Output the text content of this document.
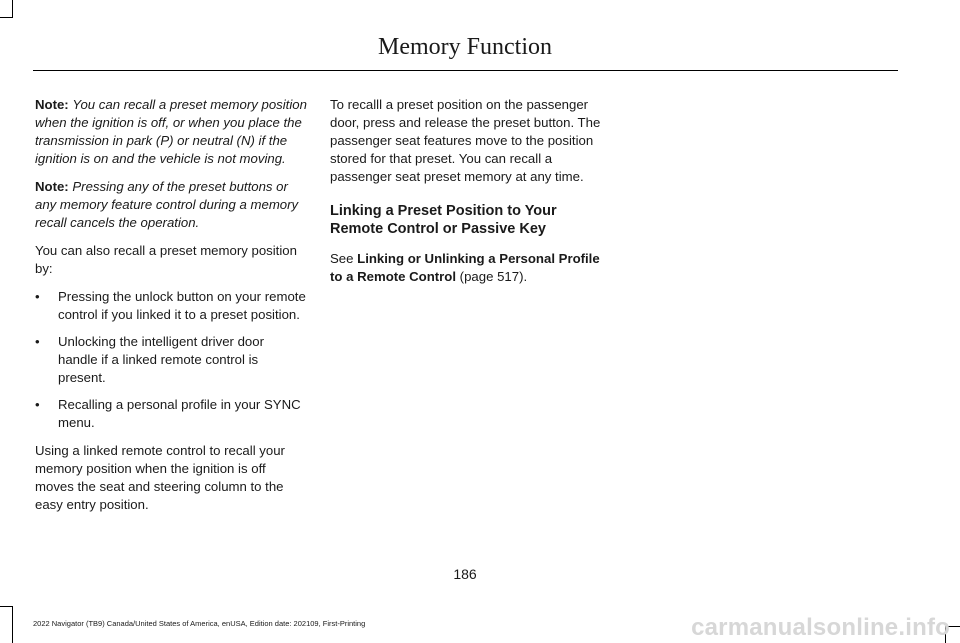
Memory Function

Note: You can recall a preset memory position when the ignition is off, or when you place the transmission in park (P) or neutral (N) if the ignition is on and the vehicle is not moving.

Note: Pressing any of the preset buttons or any memory feature control during a memory recall cancels the operation.

You can also recall a preset memory position by:

• Pressing the unlock button on your remote control if you linked it to a preset position.
• Unlocking the intelligent driver door handle if a linked remote control is present.
• Recalling a personal profile in your SYNC menu.

Using a linked remote control to recall your memory position when the ignition is off moves the seat and steering column to the easy entry position.

To recalll a preset position on the passenger door, press and release the preset button. The passenger seat features move to the position stored for that preset. You can recall a passenger seat preset memory at any time.

Linking a Preset Position to Your Remote Control or Passive Key

See Linking or Unlinking a Personal Profile to a Remote Control (page 517).

186
2022 Navigator (TB9) Canada/United States of America, enUSA, Edition date: 202109, First-Printing	carmanualsonline.info
